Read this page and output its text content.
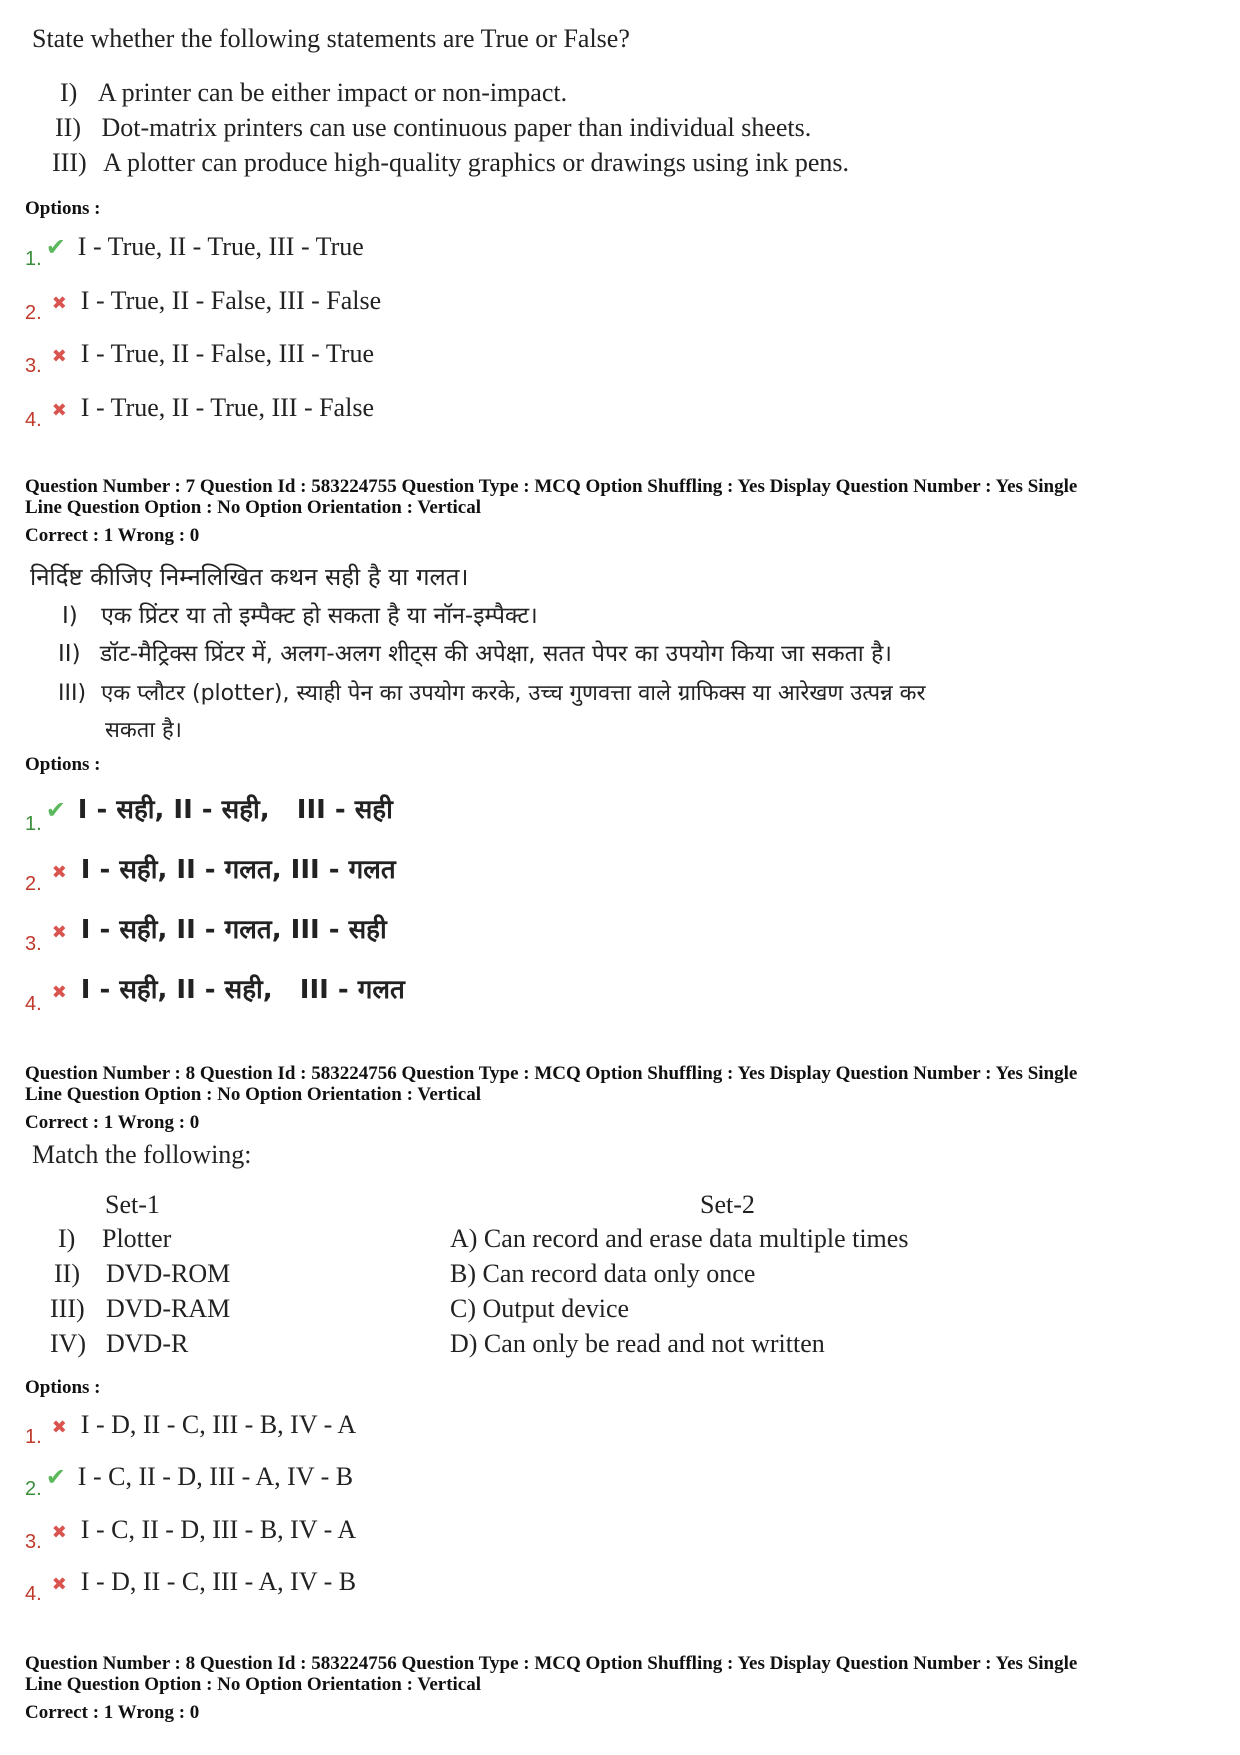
State whether the following statements are True or False?
I) A printer can be either impact or non-impact.
II) Dot-matrix printers can use continuous paper than individual sheets.
III) A plotter can produce high-quality graphics or drawings using ink pens.
Options :
1. ✔ I - True, II - True, III - True
2. ✖ I - True, II - False, III - False
3. ✖ I - True, II - False, III - True
4. ✖ I - True, II - True, III - False
Question Number : 7 Question Id : 583224755 Question Type : MCQ Option Shuffling : Yes Display Question Number : Yes Single
Line Question Option : No Option Orientation : Vertical
Correct : 1 Wrong : 0
निर्दिष्ट कीजिए निम्नलिखित कथन सही है या गलत।
I) एक प्रिंटर या तो इम्पैक्ट हो सकता है या नॉन-इम्पैक्ट।
II) डॉट-मैट्रिक्स प्रिंटर में, अलग-अलग शीट्स की अपेक्षा, सतत पेपर का उपयोग किया जा सकता है।
III) एक प्लौटर (plotter), स्याही पेन का उपयोग करके, उच्च गुणवत्ता वाले ग्राफिक्स या आरेखण उत्पन्न कर
सकता है।
Options :
1. ✔ I - सही, II - सही,   III - सही
2. ✖ I - सही, II - गलत, III - गलत
3. ✖ I - सही, II - गलत, III - सही
4. ✖ I - सही, II - सही,   III - गलत
Question Number : 8 Question Id : 583224756 Question Type : MCQ Option Shuffling : Yes Display Question Number : Yes Single
Line Question Option : No Option Orientation : Vertical
Correct : 1 Wrong : 0
Match the following:
Set-1	Set-2
I) Plotter
II) DVD-ROM
III) DVD-RAM
IV) DVD-R
A) Can record and erase data multiple times
B) Can record data only once
C) Output device
D) Can only be read and not written
Options :
1. ✖ I - D, II - C, III - B, IV - A
2. ✔ I - C, II - D, III - A, IV - B
3. ✖ I - C, II - D, III - B, IV - A
4. ✖ I - D, II - C, III - A, IV - B
Question Number : 8 Question Id : 583224756 Question Type : MCQ Option Shuffling : Yes Display Question Number : Yes Single
Line Question Option : No Option Orientation : Vertical
Correct : 1 Wrong : 0
